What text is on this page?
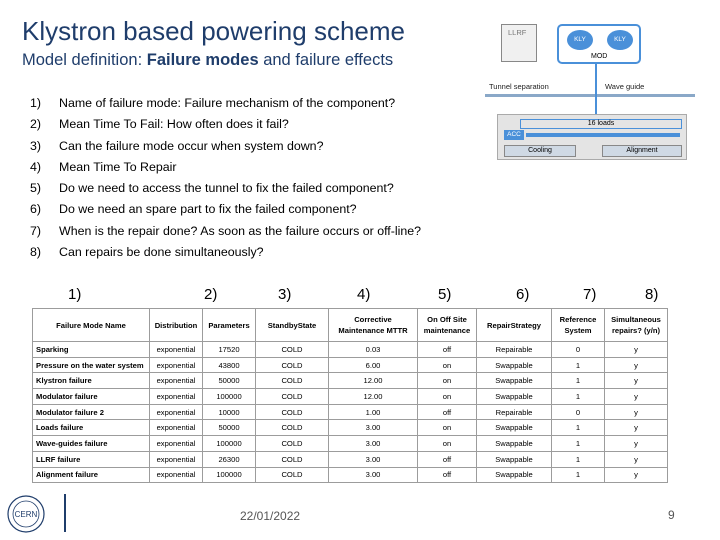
Klystron based powering scheme
Model definition: Failure modes and failure effects
1)	Name of failure mode: Failure mechanism of the component?
2)	Mean Time To Fail: How often does it fail?
3)	Can the failure mode occur when system down?
4)	Mean Time To Repair
5)	Do we need to access the tunnel to fix the failed component?
6)	Do we need an spare part to fix the failed component?
7)	When is the repair done? As soon as the failure occurs or off-line?
8)	Can repairs be done simultaneously?
LLRF
KLY	KLY
MOD
Tunnel separation	Wave guide
16 loads
ACC
Cooling	Alignment
1)	2)	3)	4)	5)	6)	7)	8)
Failure Mode Name	Distribution	Parameters	StandbyState	Corrective Maintenance MTTR	On Off Site maintenance	RepairStrategy	Reference System	Simultaneous repairs? (y/n)
Sparking	exponential	17520	COLD	0.03	off	Repairable	0	y
Pressure on the water system	exponential	43800	COLD	6.00	on	Swappable	1	y
Klystron failure	exponential	50000	COLD	12.00	on	Swappable	1	y
Modulator failure	exponential	100000	COLD	12.00	on	Swappable	1	y
Modulator failure 2	exponential	10000	COLD	1.00	off	Repairable	0	y
Loads failure	exponential	50000	COLD	3.00	on	Swappable	1	y
Wave-guides failure	exponential	100000	COLD	3.00	on	Swappable	1	y
LLRF failure	exponential	26300	COLD	3.00	off	Swappable	1	y
Alignment failure	exponential	100000	COLD	3.00	off	Swappable	1	y
CERN	22/01/2022	9
